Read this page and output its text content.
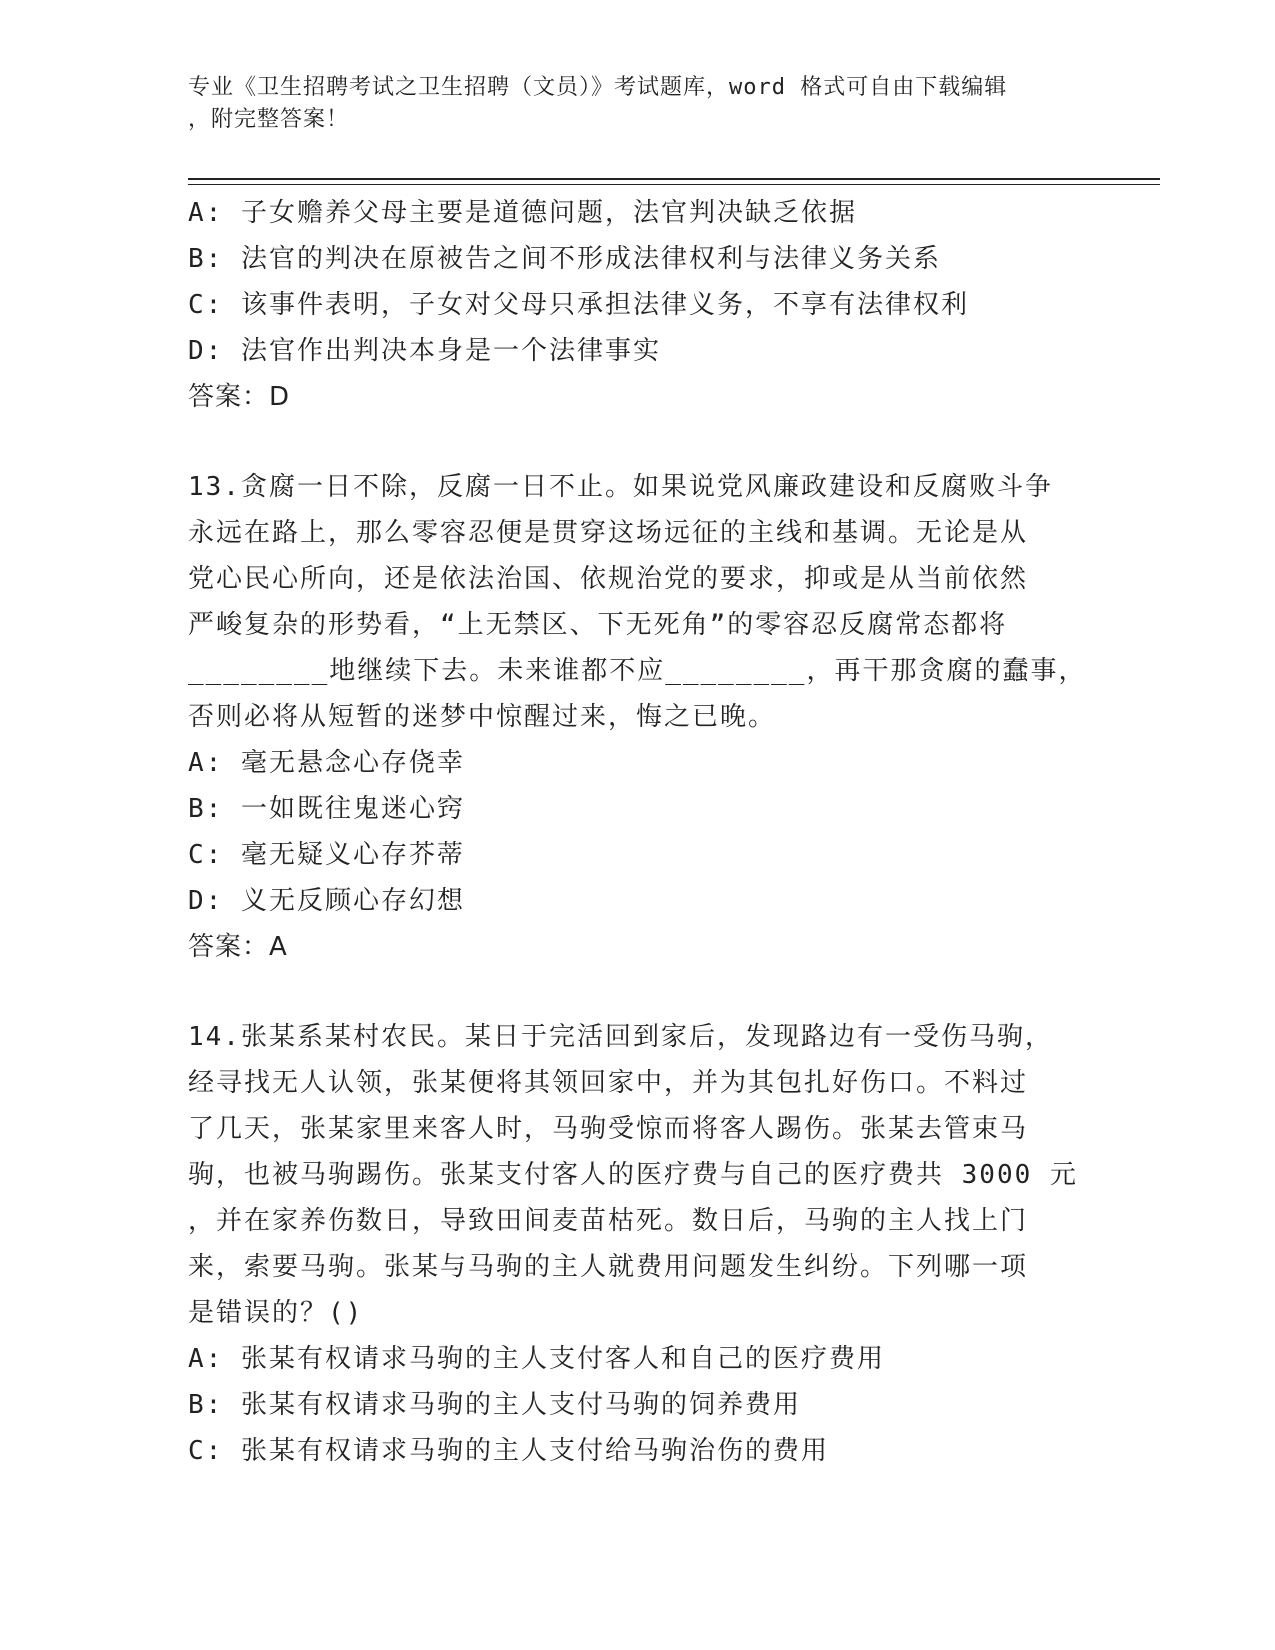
专业《卫生招聘考试之卫生招聘（文员）》考试题库，word 格式可自由下载编辑
，附完整答案！
A: 子女赡养父母主要是道德问题，法官判决缺乏依据
B: 法官的判决在原被告之间不形成法律权利与法律义务关系
C: 该事件表明，子女对父母只承担法律义务，不享有法律权利
D: 法官作出判决本身是一个法律事实
答案：D
13.贪腐一日不除，反腐一日不止。如果说党风廉政建设和反腐败斗争
永远在路上，那么零容忍便是贯穿这场远征的主线和基调。无论是从
党心民心所向，还是依法治国、依规治党的要求，抑或是从当前依然
严峻复杂的形势看，“上无禁区、下无死角”的零容忍反腐常态都将
________地继续下去。未来谁都不应________，再干那贪腐的蠢事，
否则必将从短暂的迷梦中惊醒过来，悔之已晚。
A: 毫无悬念心存侥幸
B: 一如既往鬼迷心窍
C: 毫无疑义心存芥蒂
D: 义无反顾心存幻想
答案：A
14.张某系某村农民。某日于完活回到家后，发现路边有一受伤马驹，
经寻找无人认领，张某便将其领回家中，并为其包扎好伤口。不料过
了几天，张某家里来客人时，马驹受惊而将客人踢伤。张某去管束马
驹，也被马驹踢伤。张某支付客人的医疗费与自己的医疗费共 3000 元
，并在家养伤数日，导致田间麦苗枯死。数日后，马驹的主人找上门
来，索要马驹。张某与马驹的主人就费用问题发生纠纷。下列哪一项
是错误的？()
A: 张某有权请求马驹的主人支付客人和自己的医疗费用
B: 张某有权请求马驹的主人支付马驹的饲养费用
C: 张某有权请求马驹的主人支付给马驹治伤的费用
